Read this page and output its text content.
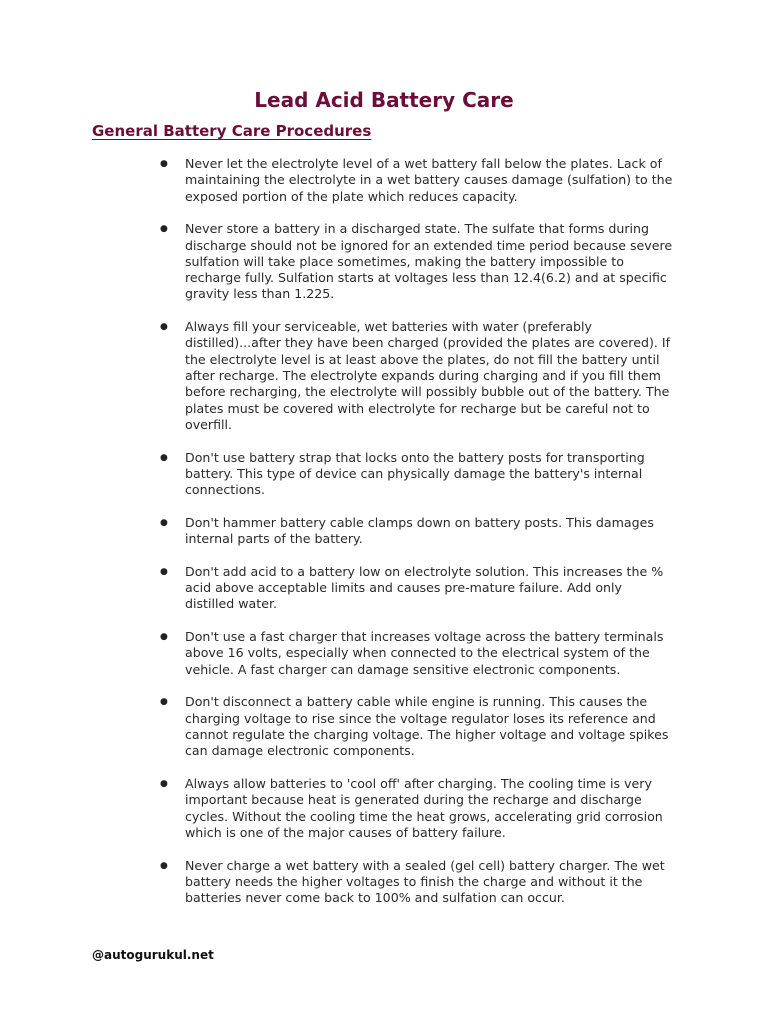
Lead Acid Battery Care
General Battery Care Procedures
● Never let the electrolyte level of a wet battery fall below the plates. Lack of maintaining the electrolyte in a wet battery causes damage (sulfation) to the exposed portion of the plate which reduces capacity.
● Never store a battery in a discharged state. The sulfate that forms during discharge should not be ignored for an extended time period because severe sulfation will take place sometimes, making the battery impossible to recharge fully. Sulfation starts at voltages less than 12.4(6.2) and at specific gravity less than 1.225.
● Always fill your serviceable, wet batteries with water (preferably distilled)...after they have been charged (provided the plates are covered). If the electrolyte level is at least above the plates, do not fill the battery until after recharge. The electrolyte expands during charging and if you fill them before recharging, the electrolyte will possibly bubble out of the battery. The plates must be covered with electrolyte for recharge but be careful not to overfill.
● Don't use battery strap that locks onto the battery posts for transporting battery. This type of device can physically damage the battery's internal connections.
● Don't hammer battery cable clamps down on battery posts. This damages internal parts of the battery.
● Don't add acid to a battery low on electrolyte solution. This increases the % acid above acceptable limits and causes pre-mature failure. Add only distilled water.
● Don't use a fast charger that increases voltage across the battery terminals above 16 volts, especially when connected to the electrical system of the vehicle. A fast charger can damage sensitive electronic components.
● Don't disconnect a battery cable while engine is running. This causes the charging voltage to rise since the voltage regulator loses its reference and cannot regulate the charging voltage. The higher voltage and voltage spikes can damage electronic components.
● Always allow batteries to 'cool off' after charging. The cooling time is very important because heat is generated during the recharge and discharge cycles. Without the cooling time the heat grows, accelerating grid corrosion which is one of the major causes of battery failure.
● Never charge a wet battery with a sealed (gel cell) battery charger. The wet battery needs the higher voltages to finish the charge and without it the batteries never come back to 100% and sulfation can occur.
@autogurukul.net
